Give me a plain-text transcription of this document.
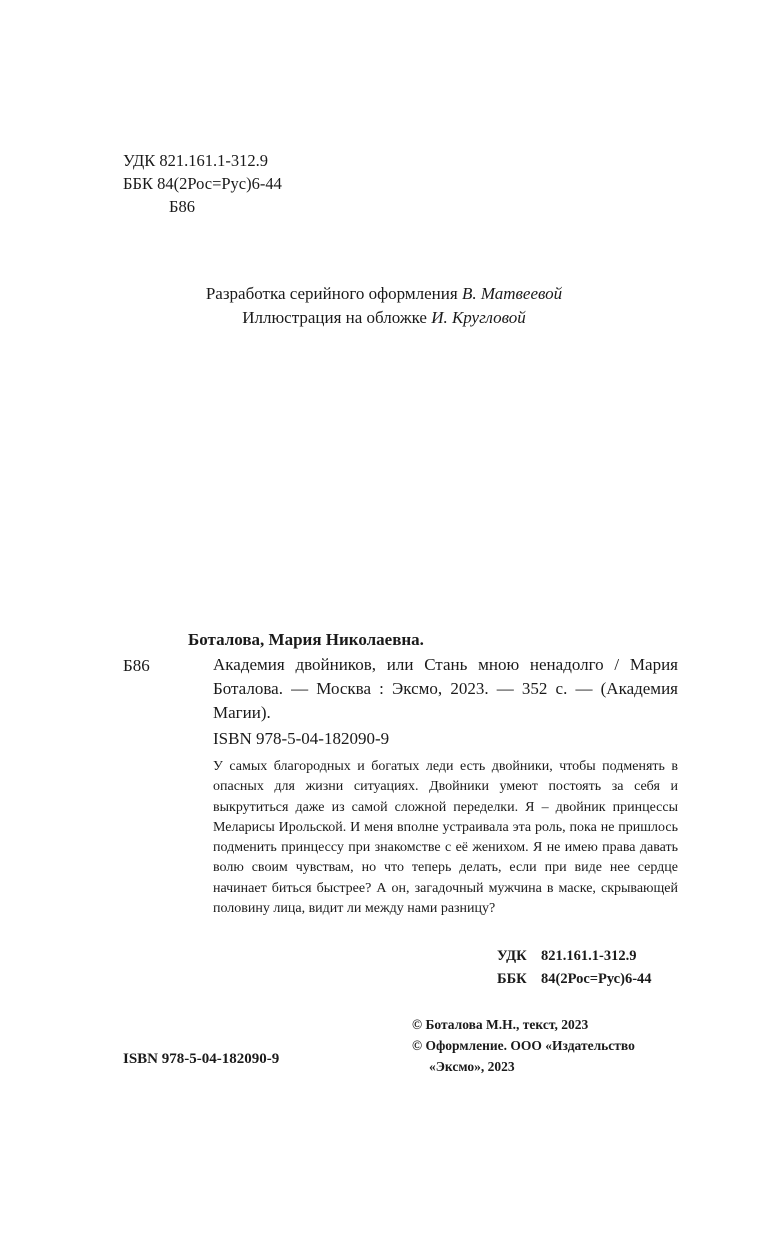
УДК 821.161.1-312.9
ББК 84(2Рос=Рус)6-44
Б86
Разработка серийного оформления В. Матвеевой
Иллюстрация на обложке И. Кругловой
Боталова, Мария Николаевна.
Б86	Академия двойников, или Стань мною ненадолго / Мария Боталова. — Москва : Эксмо, 2023. — 352 с. — (Академия Магии).
ISBN 978-5-04-182090-9
У самых благородных и богатых леди есть двойники, чтобы подменять в опасных для жизни ситуациях. Двойники умеют постоять за себя и выкрутиться даже из самой сложной переделки. Я – двойник принцессы Меларисы Ирольской. И меня вполне устраивала эта роль, пока не пришлось подменить принцессу при знакомстве с её женихом. Я не имею права давать волю своим чувствам, но что теперь делать, если при виде нее сердце начинает биться быстрее? А он, загадочный мужчина в маске, скрывающей половину лица, видит ли между нами разницу?
УДК 821.161.1-312.9
ББК 84(2Рос=Рус)6-44
© Боталова М.Н., текст, 2023
© Оформление. ООО «Издательство
«Эксмо», 2023
ISBN 978-5-04-182090-9
